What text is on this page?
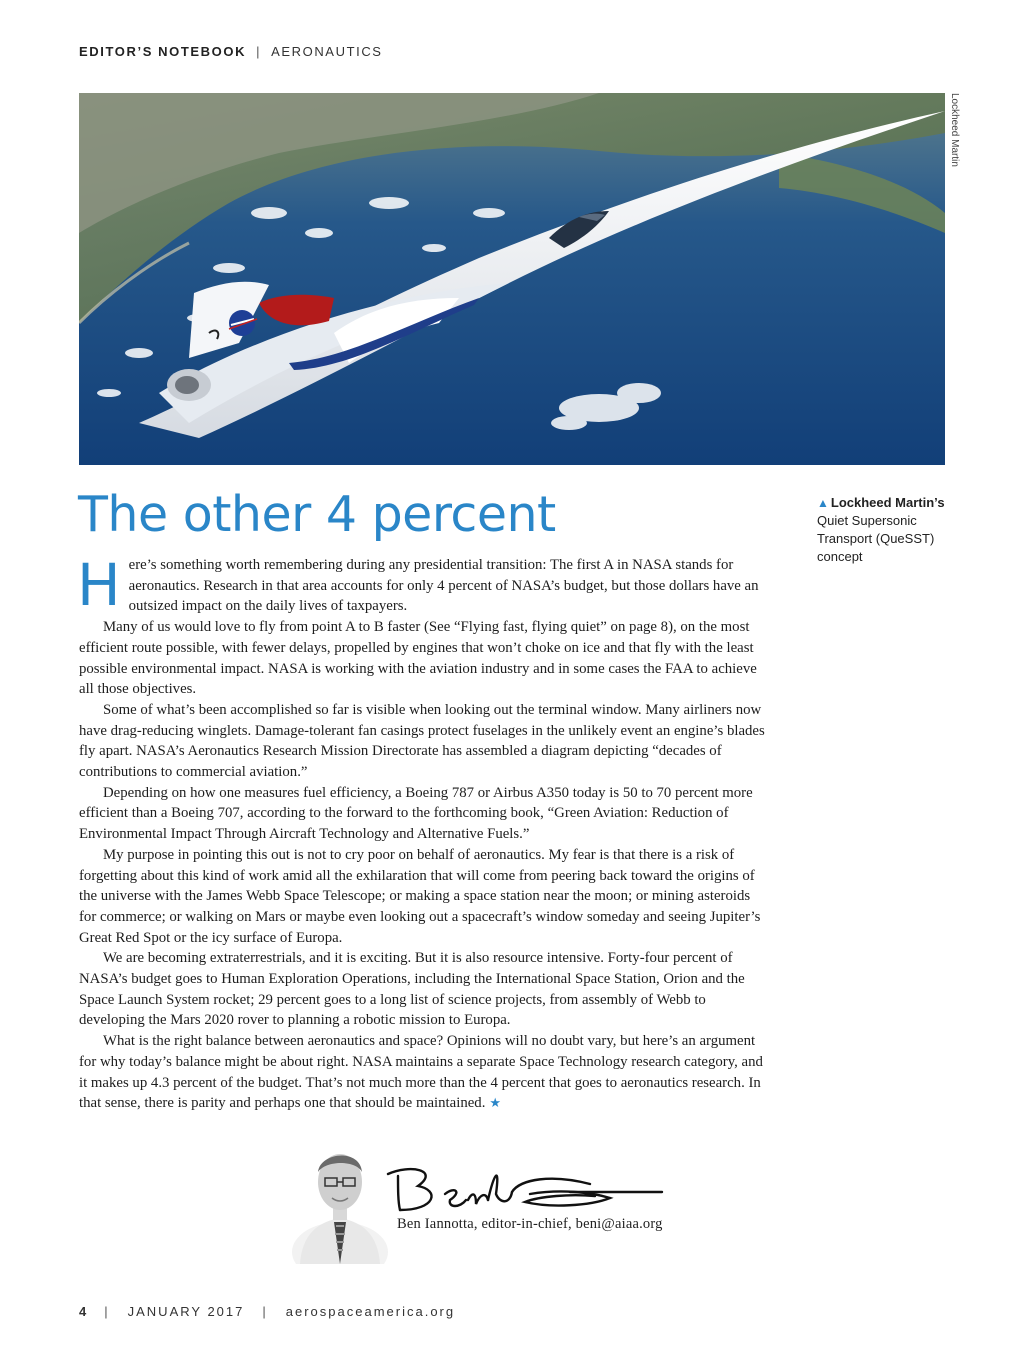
EDITOR’S NOTEBOOK | AERONAUTICS
Lockheed Martin
The other 4 percent	▲ Lockheed Martin’s
Quiet Supersonic Transport (QueSST) concept

Here’s something worth remembering during any presidential transition: The first A in NASA stands for aeronautics. Research in that area accounts for only 4 percent of NASA’s budget, but those dollars have an outsized impact on the daily lives of taxpayers.

Many of us would love to fly from point A to B faster (See “Flying fast, flying quiet” on page 8), on the most efficient route possible, with fewer delays, propelled by engines that won’t choke on ice and that fly with the least possible environmental impact. NASA is working with the aviation industry and in some cases the FAA to achieve all those objectives.

Some of what’s been accomplished so far is visible when looking out the terminal window. Many airliners now have drag-reducing winglets. Damage-tolerant fan casings protect fuselages in the unlikely event an engine’s blades fly apart. NASA’s Aeronautics Research Mission Directorate has assembled a diagram depicting “decades of contributions to commercial aviation.”

Depending on how one measures fuel efficiency, a Boeing 787 or Airbus A350 today is 50 to 70 percent more efficient than a Boeing 707, according to the forward to the forthcoming book, “Green Aviation: Reduction of Environmental Impact Through Aircraft Technology and Alternative Fuels.”

My purpose in pointing this out is not to cry poor on behalf of aeronautics. My fear is that there is a risk of forgetting about this kind of work amid all the exhilaration that will come from peering back toward the origins of the universe with the James Webb Space Telescope; or making a space station near the moon; or mining asteroids for commerce; or walking on Mars or maybe even looking out a spacecraft’s window someday and seeing Jupiter’s Great Red Spot or the icy surface of Europa.

We are becoming extraterrestrials, and it is exciting. But it is also resource intensive. Forty-four percent of NASA’s budget goes to Human Exploration Operations, including the International Space Station, Orion and the Space Launch System rocket; 29 percent goes to a long list of science projects, from assembly of Webb to developing the Mars 2020 rover to planning a robotic mission to Europa.

What is the right balance between aeronautics and space? Opinions will no doubt vary, but here’s an argument for why today’s balance might be about right. NASA maintains a separate Space Technology research category, and it makes up 4.3 percent of the budget. That’s not much more than the 4 percent that goes to aeronautics research. In that sense, there is parity and perhaps one that should be maintained. ★

Ben Iannotta, editor-in-chief, beni@aiaa.org
4 | JANUARY 2017 | aerospaceamerica.org
